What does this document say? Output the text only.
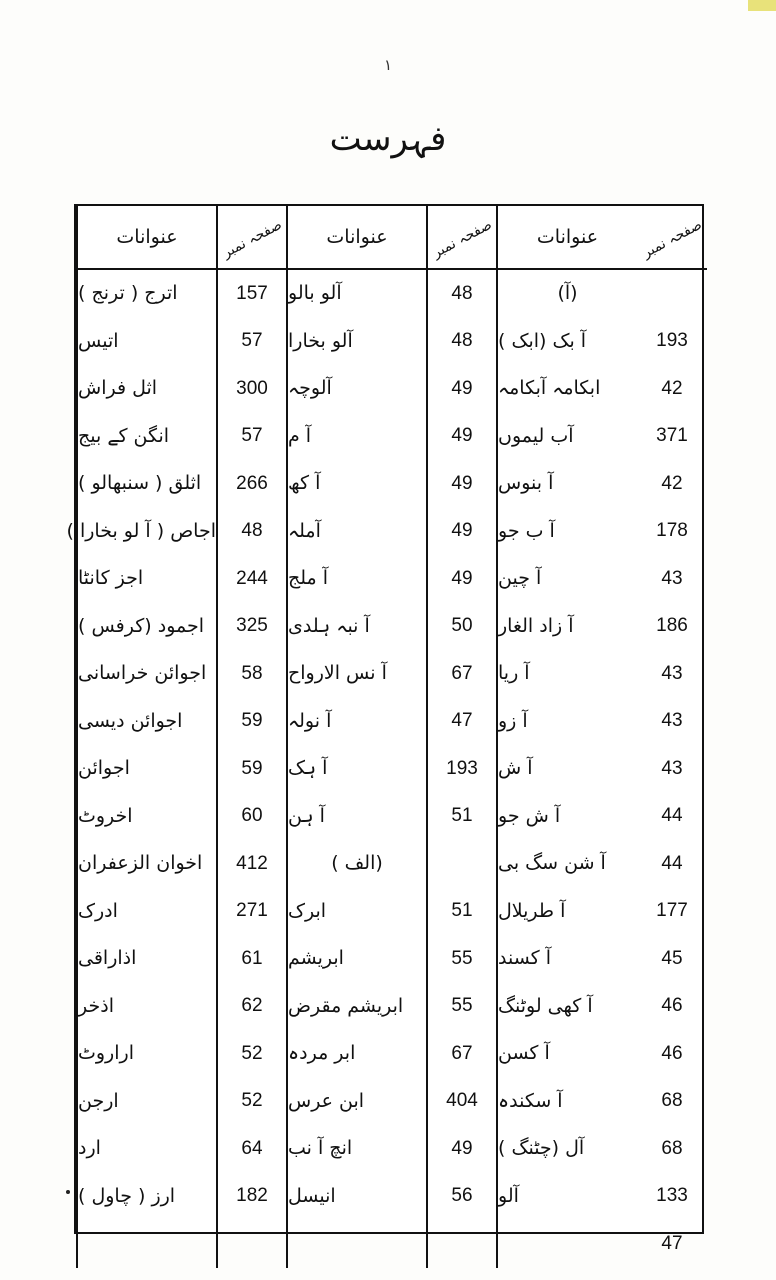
۱
فہرست
صفحہ نمبر	عنوانات	صفحہ نمبر	عنوانات	صفحہ نمبر	عنوانات
	(آ)	48	آلو بالو	157	اترج ( ترنج )
193	آ بک (ابک )	48	آلو بخارا	57	اتیس
42	ابکامہ آبکامہ	49	آلوچہ	300	اثل فراش
371	آب لیموں	49	آ م	57	انگن کے بیج
42	آ بنوس	49	آ کھ	266	اثلق ( سنبھالو )
178	آ ب جو	49	آملہ	48	اجاص ( آ لو بخارا )
43	آ چین	49	آ ملج	244	اجز کانٹا
186	آ زاد الغار	50	آ نبہ ہلدی	325	اجمود (کرفس )
43	آ ریا	67	آ نس الارواح	58	اجوائن خراسانی
43	آ زو	47	آ نولہ	59	اجوائن دیسی
43	آ ش	193	آ ہک	59	اجوائن
44	آ ش جو	51	آ ہن	60	اخروٹ
44	آ شن سگ بی		(الف )	412	اخوان الزعفران
177	آ طریلال	51	ابرک	271	ادرک
45	آ کسند	55	ابریشم	61	اذاراقی
46	آ کھی لوٹنگ	55	ابریشم مقرض	62	اذخر
46	آ کسن	67	ابر مردہ	52	اراروٹ
68	آ سکندہ	404	ابن عرس	52	ارجن
68	آل (چٹنگ )	49	انچ آ نب	64	ارد
133	آلو	56	انیسل	182	ارز ( چاول )
47					
